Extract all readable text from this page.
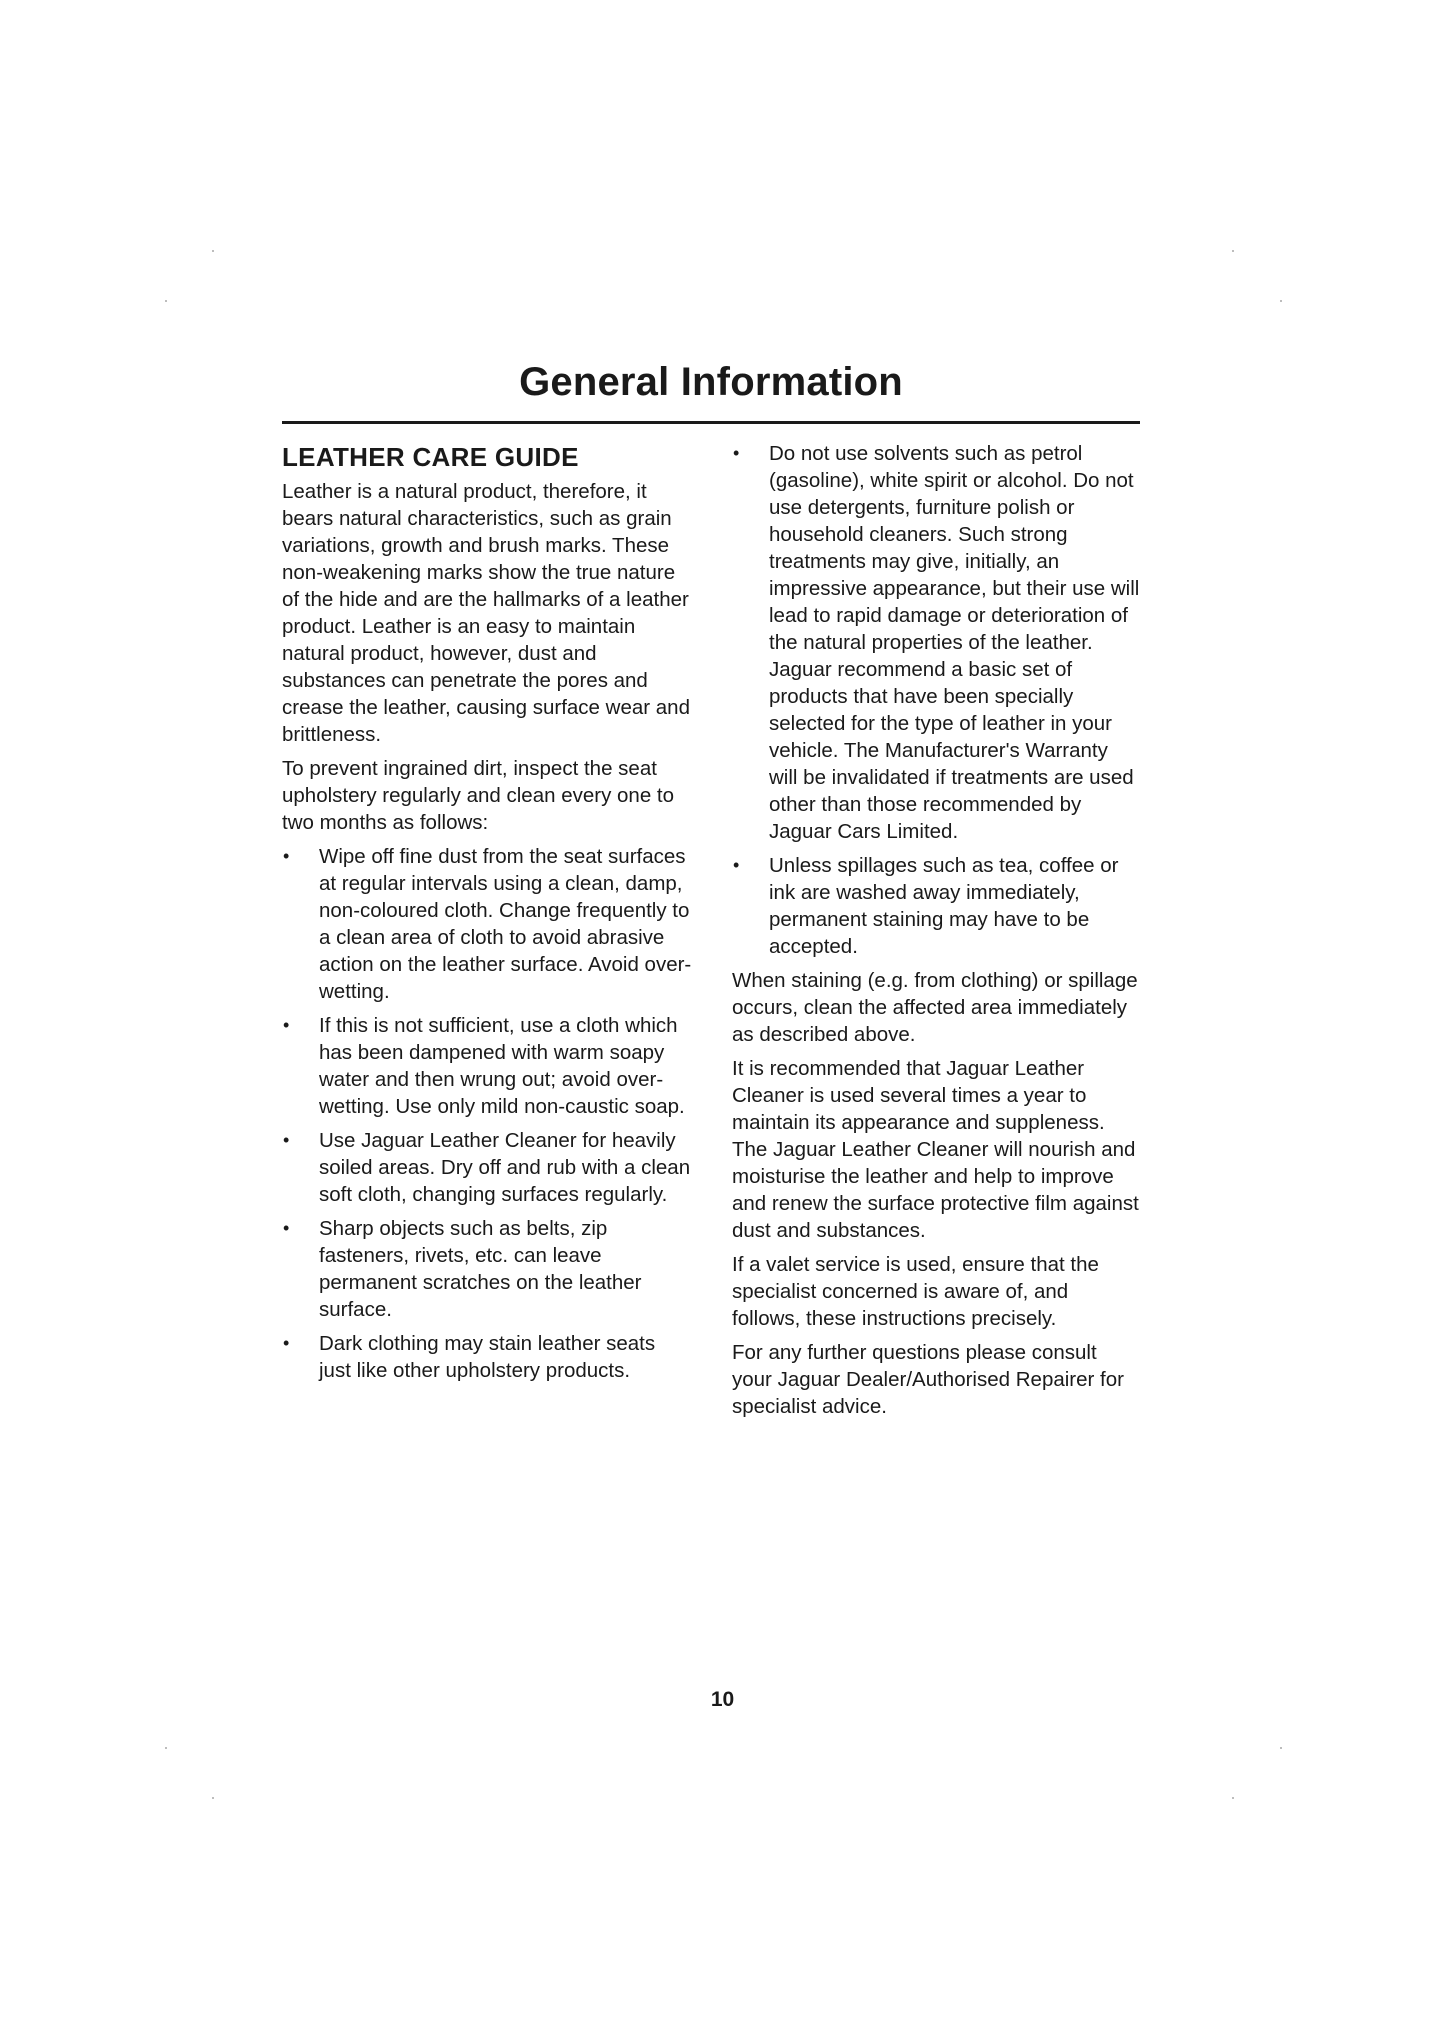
General Information
LEATHER CARE GUIDE

Leather is a natural product, therefore, it bears natural characteristics, such as grain variations, growth and brush marks. These non-weakening marks show the true nature of the hide and are the hallmarks of a leather product. Leather is an easy to maintain natural product, however, dust and substances can penetrate the pores and crease the leather, causing surface wear and brittleness.

To prevent ingrained dirt, inspect the seat upholstery regularly and clean every one to two months as follows:

• Wipe off fine dust from the seat surfaces at regular intervals using a clean, damp, non-coloured cloth. Change frequently to a clean area of cloth to avoid abrasive action on the leather surface. Avoid over-wetting.
• If this is not sufficient, use a cloth which has been dampened with warm soapy water and then wrung out; avoid over-wetting. Use only mild non-caustic soap.
• Use Jaguar Leather Cleaner for heavily soiled areas. Dry off and rub with a clean soft cloth, changing surfaces regularly.
• Sharp objects such as belts, zip fasteners, rivets, etc. can leave permanent scratches on the leather surface.
• Dark clothing may stain leather seats just like other upholstery products.
• Do not use solvents such as petrol (gasoline), white spirit or alcohol. Do not use detergents, furniture polish or household cleaners. Such strong treatments may give, initially, an impressive appearance, but their use will lead to rapid damage or deterioration of the natural properties of the leather. Jaguar recommend a basic set of products that have been specially selected for the type of leather in your vehicle. The Manufacturer's Warranty will be invalidated if treatments are used other than those recommended by Jaguar Cars Limited.
• Unless spillages such as tea, coffee or ink are washed away immediately, permanent staining may have to be accepted.

When staining (e.g. from clothing) or spillage occurs, clean the affected area immediately as described above.

It is recommended that Jaguar Leather Cleaner is used several times a year to maintain its appearance and suppleness. The Jaguar Leather Cleaner will nourish and moisturise the leather and help to improve and renew the surface protective film against dust and substances.

If a valet service is used, ensure that the specialist concerned is aware of, and follows, these instructions precisely.

For any further questions please consult your Jaguar Dealer/Authorised Repairer for specialist advice.

10
